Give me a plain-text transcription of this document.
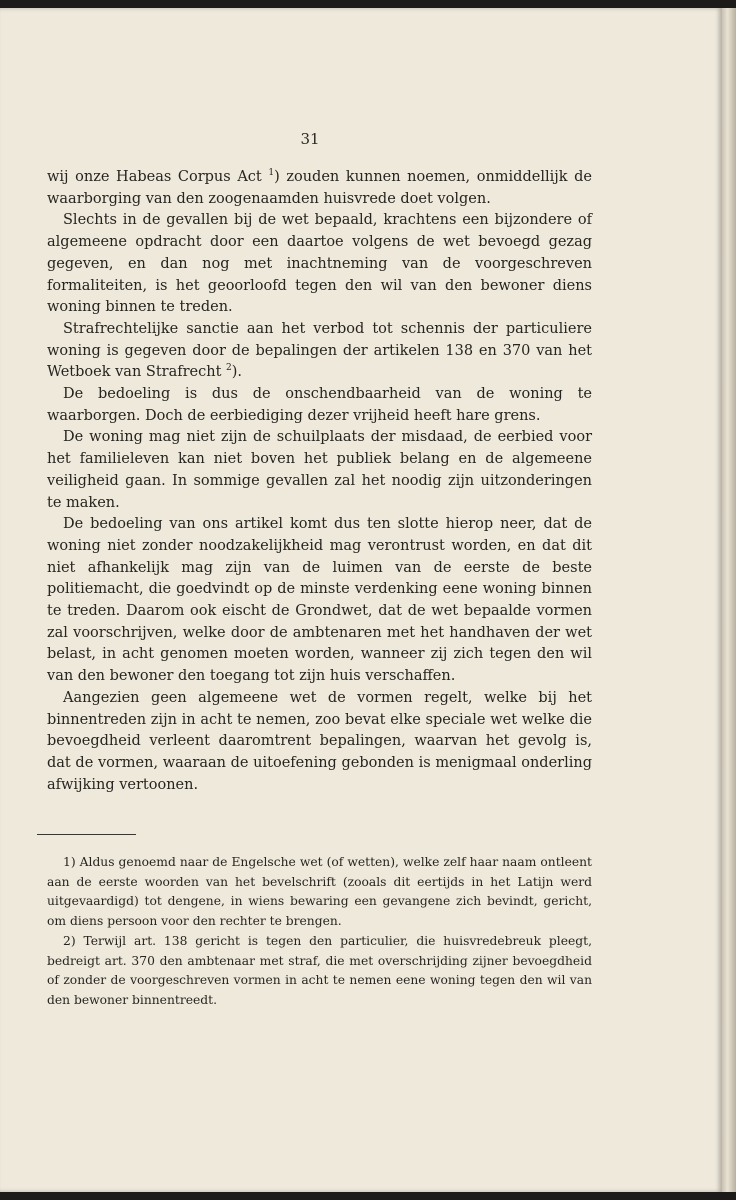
31

wij onze Habeas Corpus Act $^1$) zouden kunnen noemen, onmiddellijk de waarborging van den zoogenaamden huisvrede doet volgen.

Slechts in de gevallen bij de wet bepaald, krachtens een bijzondere of algemeene opdracht door een daartoe volgens de wet bevoegd gezag gegeven, en dan nog met inachtneming van de voorgeschreven formaliteiten, is het geoorloofd tegen den wil van den bewoner diens woning binnen te treden.

Strafrechtelijke sanctie aan het verbod tot schennis der particuliere woning is gegeven door de bepalingen der artikelen 138 en 370 van het Wetboek van Strafrecht $^2$).

De bedoeling is dus de onschendbaarheid van de woning te waarborgen. Doch de eerbiediging dezer vrijheid heeft hare grens.

De woning mag niet zijn de schuilplaats der misdaad, de eerbied voor het familieleven kan niet boven het publiek belang en de algemeene veiligheid gaan. In sommige gevallen zal het noodig zijn uitzonderingen te maken.

De bedoeling van ons artikel komt dus ten slotte hierop neer, dat de woning niet zonder noodzakelijkheid mag verontrust worden, en dat dit niet afhankelijk mag zijn van de luimen van de eerste de beste politiemacht, die goedvindt op de minste verdenking eene woning binnen te treden. Daarom ook eischt de Grondwet, dat de wet bepaalde vormen zal voorschrijven, welke door de ambtenaren met het handhaven der wet belast, in acht genomen moeten worden, wanneer zij zich tegen den wil van den bewoner den toegang tot zijn huis verschaffen.

Aangezien geen algemeene wet de vormen regelt, welke bij het binnentreden zijn in acht te nemen, zoo bevat elke speciale wet welke die bevoegdheid verleent daaromtrent bepalingen, waarvan het gevolg is, dat de vormen, waaraan de uitoefening gebonden is menigmaal onderling afwijking vertoonen.

1) Aldus genoemd naar de Engelsche wet (of wetten), welke zelf haar naam ontleent aan de eerste woorden van het bevelschrift (zooals dit eertijds in het Latijn werd uitgevaardigd) tot dengene, in wiens bewaring een gevangene zich bevindt, gericht, om diens persoon voor den rechter te brengen.

2) Terwijl art. 138 gericht is tegen den particulier, die huisvredebreuk pleegt, bedreigt art. 370 den ambtenaar met straf, die met overschrijding zijner bevoegdheid of zonder de voorgeschreven vormen in acht te nemen eene woning tegen den wil van den bewoner binnentreedt.
